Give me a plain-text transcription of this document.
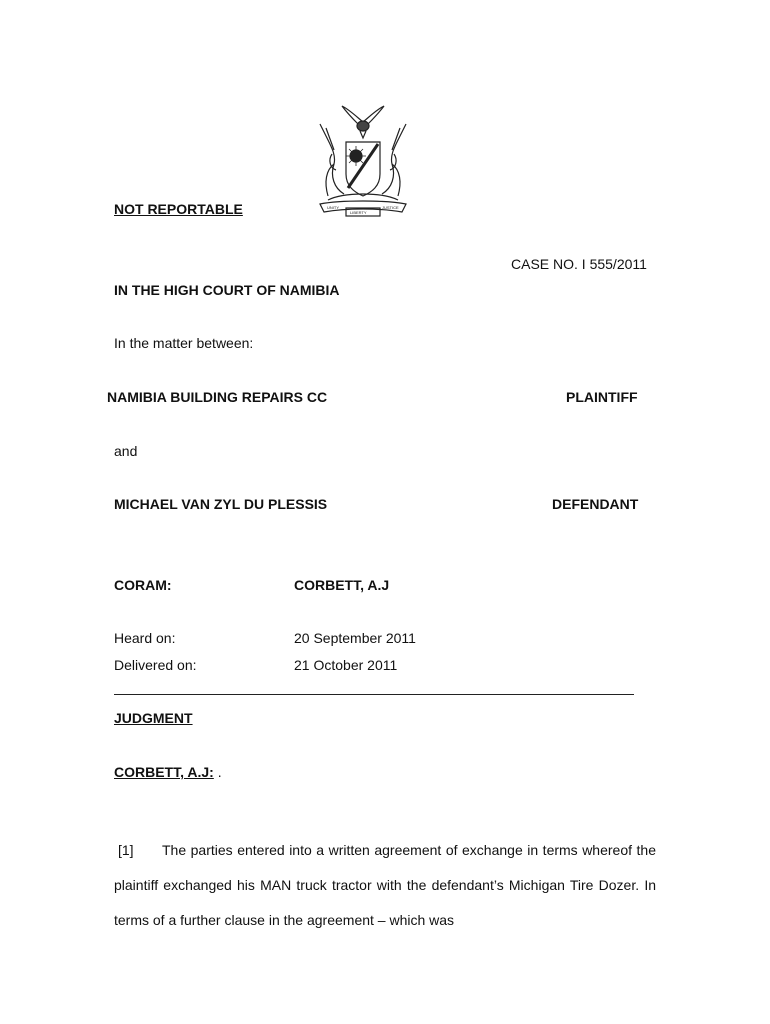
UNITY
LIBERTY
JUSTICE
NOT REPORTABLE
CASE NO. I 555/2011
IN THE HIGH COURT OF NAMIBIA
In the matter between:
NAMIBIA BUILDING REPAIRS CC	PLAINTIFF
and
MICHAEL VAN ZYL DU PLESSIS	DEFENDANT
CORAM:	CORBETT, A.J
Heard on:	20 September 2011
Delivered on:	21 October 2011
JUDGMENT
CORBETT, A.J: .
[1] The parties entered into a written agreement of exchange in terms whereof the plaintiff exchanged his MAN truck tractor with the defendant’s Michigan Tire Dozer. In terms of a further clause in the agreement – which was
